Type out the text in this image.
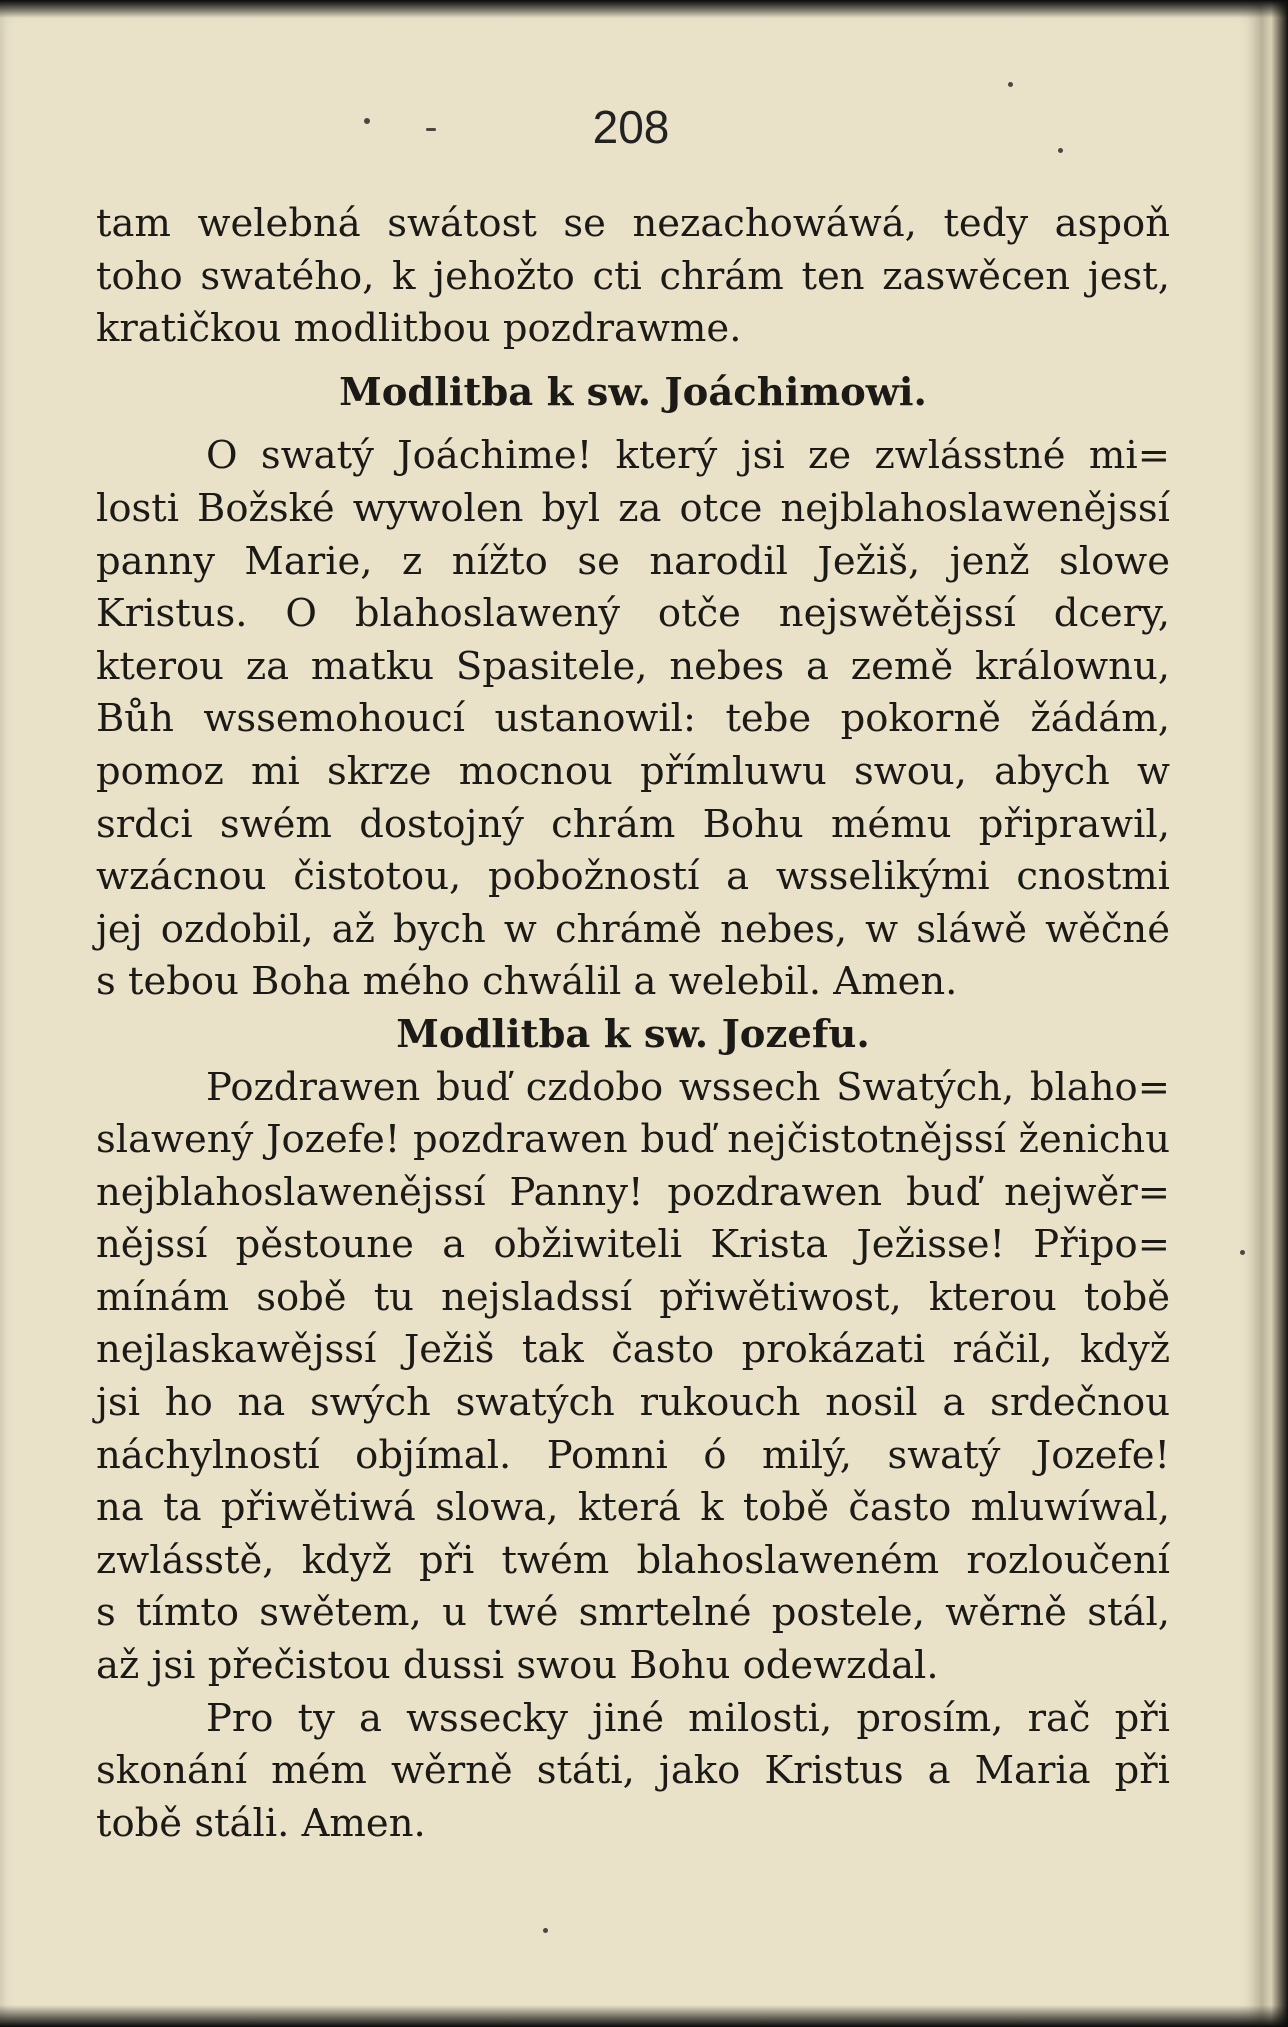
208
tam welebná swátost se nezachowáwá, tedy aspoň
toho swatého, k jehožto cti chrám ten zaswěcen jest,
kratičkou modlitbou pozdrawme.
Modlitba k sw. Joáchimowi.
O swatý Joáchime! který jsi ze zwlásstné mi=
losti Božské wywolen byl za otce nejblahoslawenějssí
panny Marie, z nížto se narodil Ježiš, jenž slowe
Kristus. O blahoslawený otče nejswětějssí dcery,
kterou za matku Spasitele, nebes a země králownu,
Bůh wssemohoucí ustanowil: tebe pokorně žádám,
pomoz mi skrze mocnou přímluwu swou, abych w
srdci swém dostojný chrám Bohu mému připrawil,
wzácnou čistotou, pobožností a wsselikými cnostmi
jej ozdobil, až bych w chrámě nebes, w sláwě wěčné
s tebou Boha mého chwálil a welebil. Amen.
Modlitba k sw. Jozefu.
Pozdrawen buď czdobo wssech Swatých, blaho=
slawený Jozefe! pozdrawen buď nejčistotnějssí ženichu
nejblahoslawenějssí Panny! pozdrawen buď nejwěr=
nějssí pěstoune a obžiwiteli Krista Ježisse! Připo=
mínám sobě tu nejsladssí přiwětiwost, kterou tobě
nejlaskawějssí Ježiš tak často prokázati ráčil, když
jsi ho na swých swatých rukouch nosil a srdečnou
náchylností objímal. Pomni ó milý, swatý Jozefe!
na ta přiwětiwá slowa, která k tobě často mluwíwal,
zwlásstě, když při twém blahoslaweném rozloučení
s tímto swětem, u twé smrtelné postele, wěrně stál,
až jsi přečistou dussi swou Bohu odewzdal.
Pro ty a wssecky jiné milosti, prosím, rač při
skonání mém wěrně státi, jako Kristus a Maria při
tobě stáli. Amen.
